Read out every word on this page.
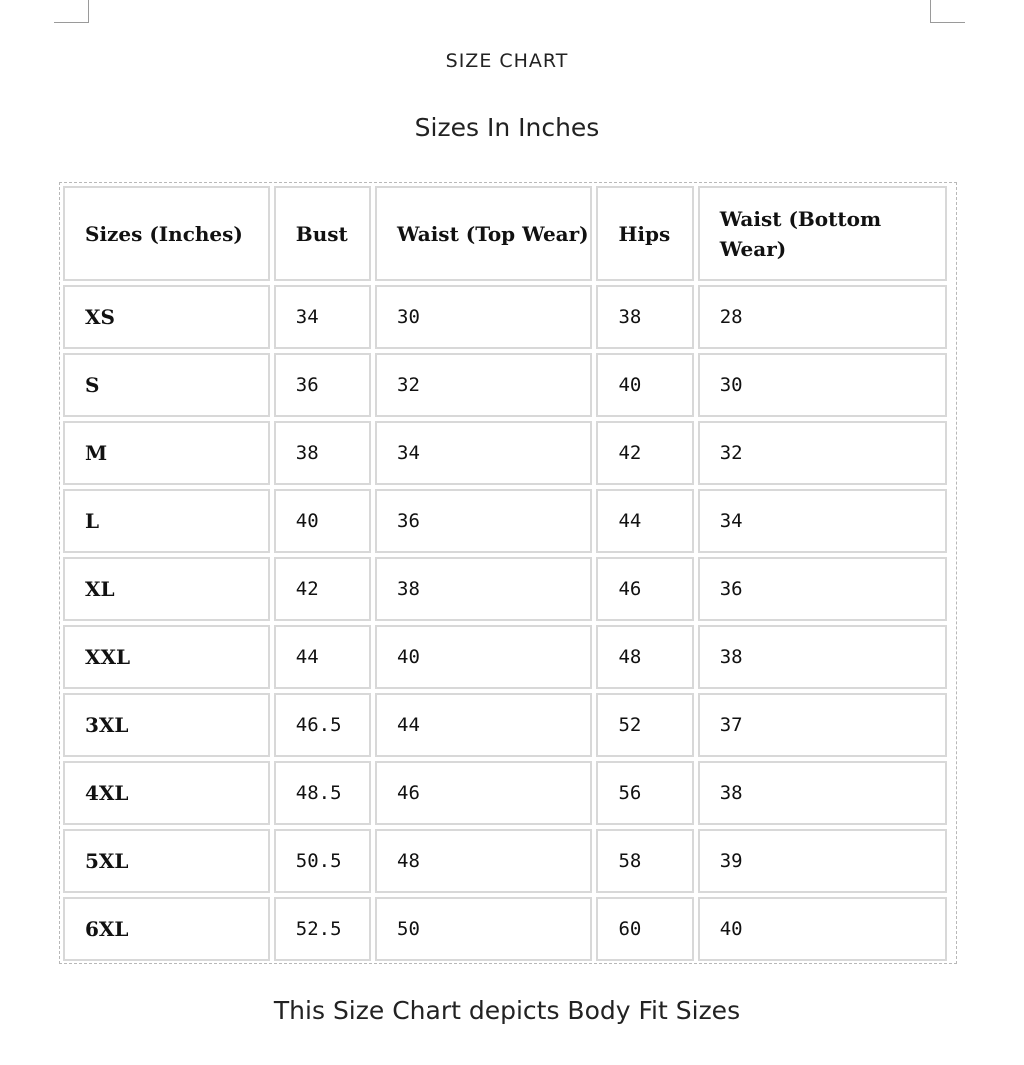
SIZE CHART
Sizes In Inches
Sizes (Inches)	Bust	Waist (Top Wear)	Hips	Waist (Bottom Wear)
XS	34	30	38	28
S	36	32	40	30
M	38	34	42	32
L	40	36	44	34
XL	42	38	46	36
XXL	44	40	48	38
3XL	46.5	44	52	37
4XL	48.5	46	56	38
5XL	50.5	48	58	39
6XL	52.5	50	60	40
This Size Chart depicts Body Fit Sizes
